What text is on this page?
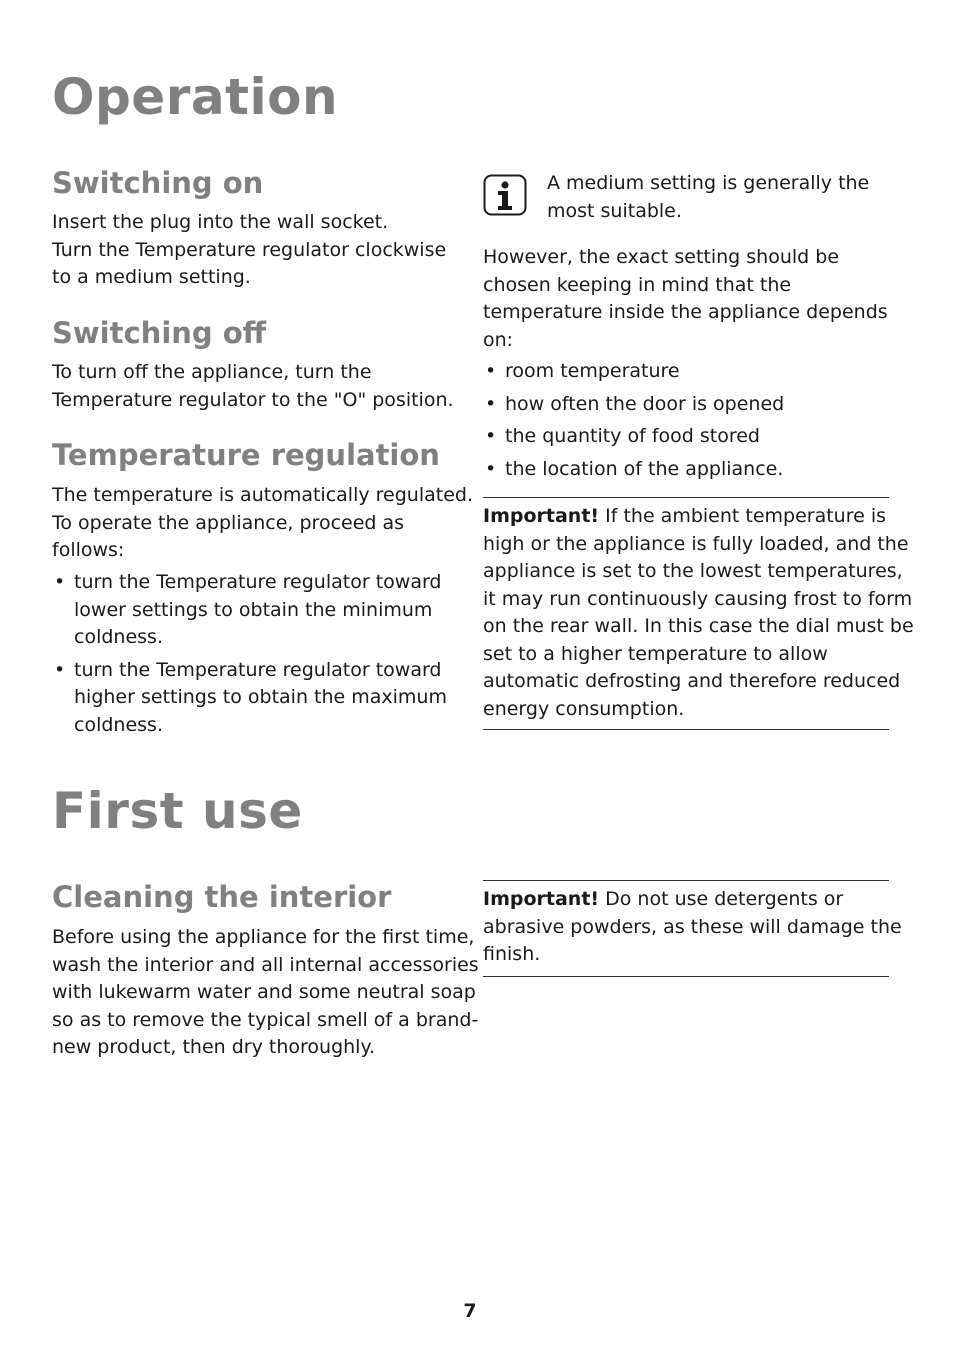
Operation
Switching on
Insert the plug into the wall socket.
Turn the Temperature regulator clockwise
to a medium setting.
Switching off
To turn off the appliance, turn the
Temperature regulator to the "O" position.
Temperature regulation
The temperature is automatically regulated.
To operate the appliance, proceed as
follows:
• turn the Temperature regulator toward
lower settings to obtain the minimum
coldness.
• turn the Temperature regulator toward
higher settings to obtain the maximum
coldness.
A medium setting is generally the
most suitable.
However, the exact setting should be
chosen keeping in mind that the
temperature inside the appliance depends
on:
• room temperature
• how often the door is opened
• the quantity of food stored
• the location of the appliance.
Important! If the ambient temperature is
high or the appliance is fully loaded, and the
appliance is set to the lowest temperatures,
it may run continuously causing frost to form
on the rear wall. In this case the dial must be
set to a higher temperature to allow
automatic defrosting and therefore reduced
energy consumption.
First use
Cleaning the interior
Before using the appliance for the first time,
wash the interior and all internal accessories
with lukewarm water and some neutral soap
so as to remove the typical smell of a brand-
new product, then dry thoroughly.
Important! Do not use detergents or
abrasive powders, as these will damage the
finish.
7
